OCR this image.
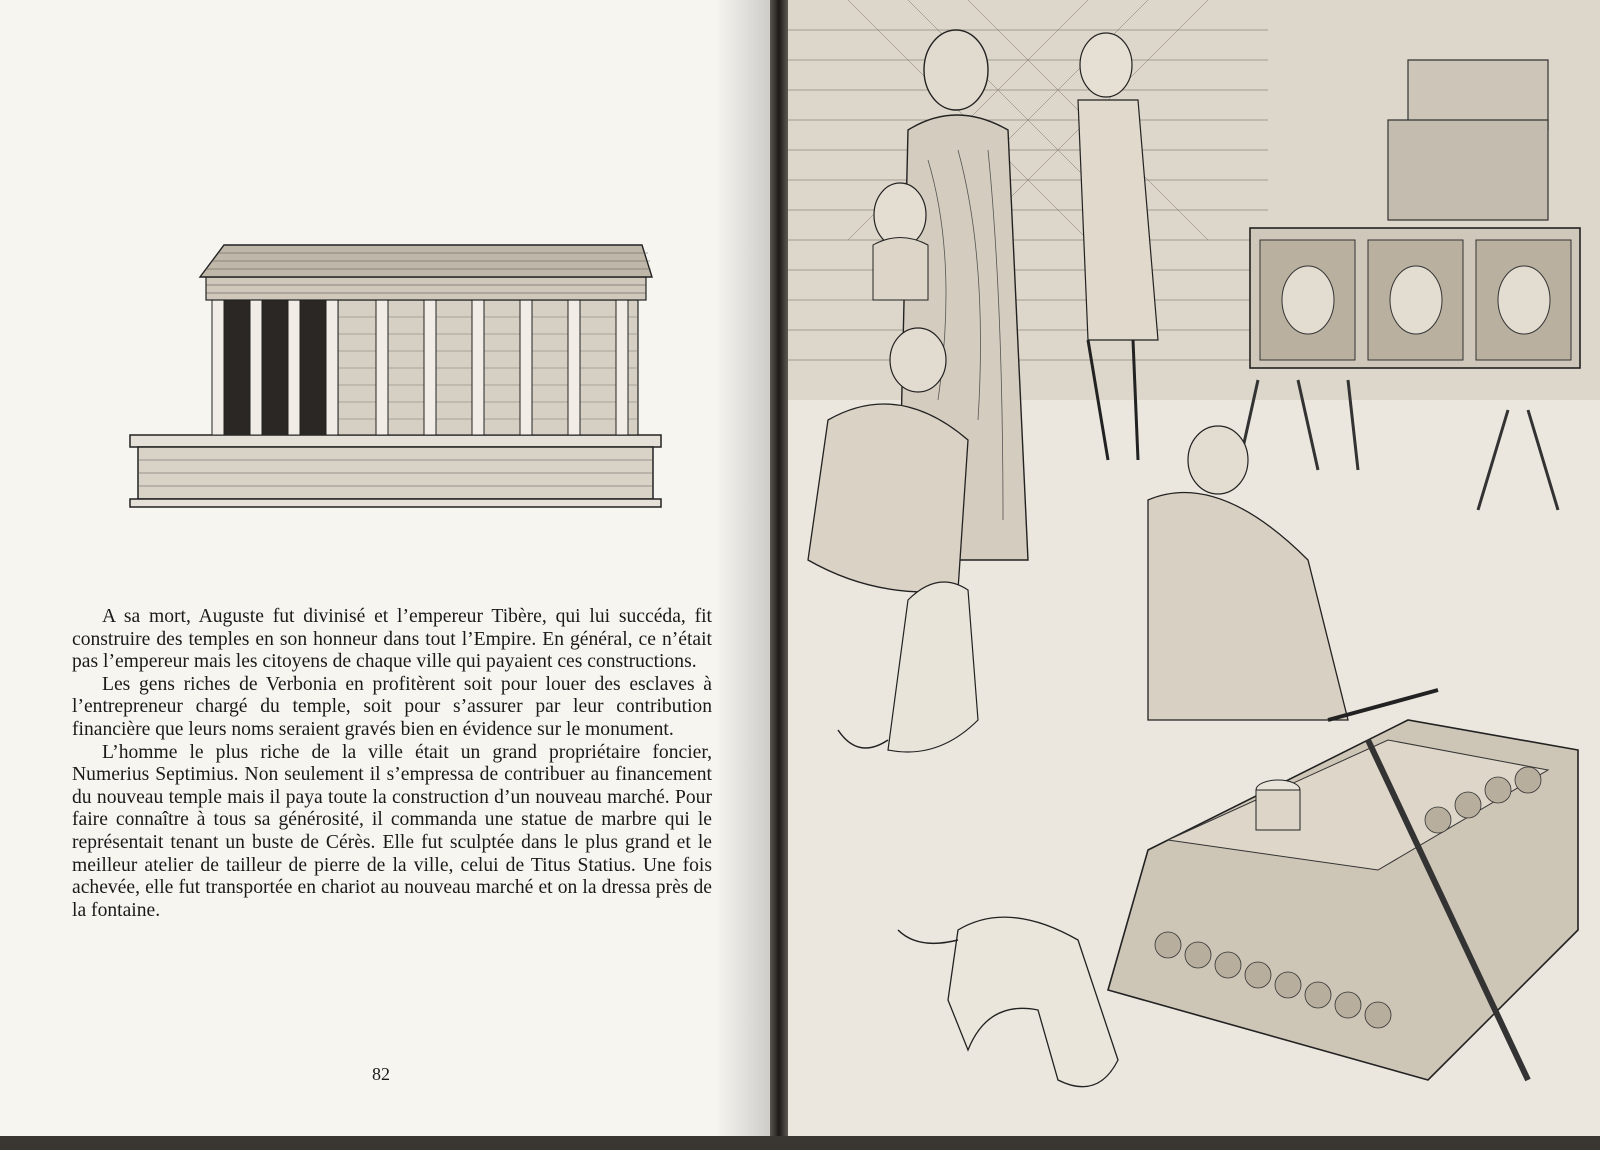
A sa mort, Auguste fut divinisé et l’empereur Tibère, qui lui succéda, fit construire des temples en son honneur dans tout l’Empire. En général, ce n’était pas l’empereur mais les citoyens de chaque ville qui payaient ces constructions.

Les gens riches de Verbonia en profitèrent soit pour louer des esclaves à l’entrepreneur chargé du temple, soit pour s’assurer par leur contribution financière que leurs noms seraient gravés bien en évidence sur le monument.

L’homme le plus riche de la ville était un grand propriétaire foncier, Numerius Septimius. Non seulement il s’empressa de contribuer au financement du nouveau temple mais il paya toute la construction d’un nouveau marché. Pour faire connaître à tous sa générosité, il commanda une statue de marbre qui le représentait tenant un buste de Cérès. Elle fut sculptée dans le plus grand et le meilleur atelier de tailleur de pierre de la ville, celui de Titus Statius. Une fois achevée, elle fut transportée en chariot au nouveau marché et on la dressa près de la fontaine.

82
